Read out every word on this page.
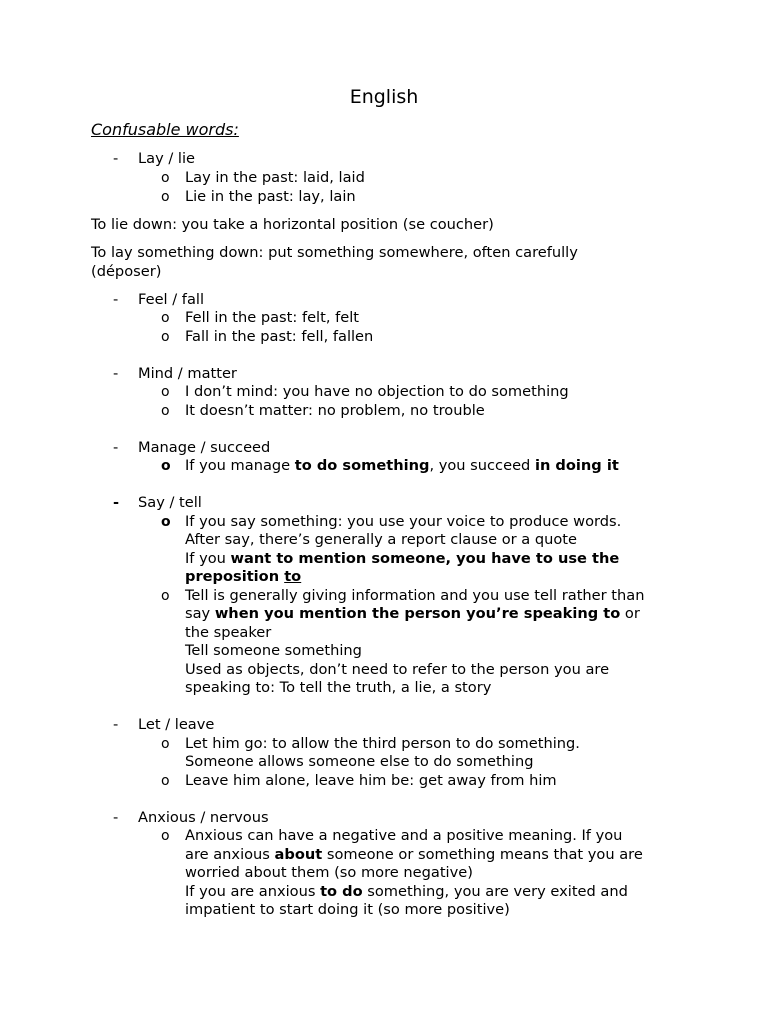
English
Confusable words:
- Lay / lie
o Lay in the past: laid, laid
o Lie in the past: lay, lain
To lie down: you take a horizontal position (se coucher)
To lay something down: put something somewhere, often carefully
(déposer)
- Feel / fall
o Fell in the past: felt, felt
o Fall in the past: fell, fallen
- Mind / matter
o I don’t mind: you have no objection to do something
o It doesn’t matter: no problem, no trouble
- Manage / succeed
o If you manage to do something, you succeed in doing it
- Say / tell
o If you say something: you use your voice to produce words.
After say, there’s generally a report clause or a quote
If you want to mention someone, you have to use the
preposition to
o Tell is generally giving information and you use tell rather than
say when you mention the person you’re speaking to or
the speaker
Tell someone something
Used as objects, don’t need to refer to the person you are
speaking to: To tell the truth, a lie, a story
- Let / leave
o Let him go: to allow the third person to do something.
Someone allows someone else to do something
o Leave him alone, leave him be: get away from him
- Anxious / nervous
o Anxious can have a negative and a positive meaning. If you
are anxious about someone or something means that you are
worried about them (so more negative)
If you are anxious to do something, you are very exited and
impatient to start doing it (so more positive)
